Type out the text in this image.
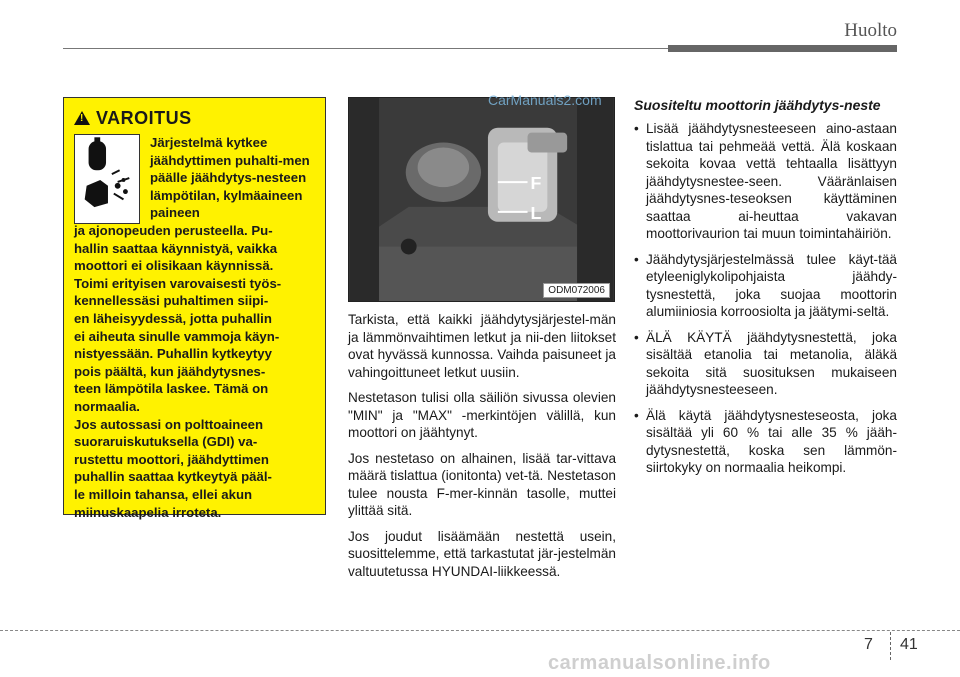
Huolto
!
VAROITUS
Järjestelmä kytkee jäähdyttimen puhalti-men päälle jäähdytys-nesteen lämpötilan, kylmäaineen paineen
ja ajonopeuden perusteella. Pu-
hallin saattaa käynnistyä, vaikka
moottori ei olisikaan käynnissä.
Toimi erityisen varovaisesti työs-
kennellessäsi puhaltimen siipi-
en läheisyydessä, jotta puhallin
ei aiheuta sinulle vammoja käyn-
nistyessään. Puhallin kytkeytyy
pois päältä, kun jäähdytysnes-
teen lämpötila laskee. Tämä on
normaalia.
Jos autossasi on polttoaineen
suoraruiskutuksella (GDI) va-
rustettu moottori, jäähdyttimen
puhallin saattaa kytkeytyä pääl-
le milloin tahansa, ellei akun
miinuskaapelia irroteta.
F
L
ODM072006
CarManuals2.com

Tarkista, että kaikki jäähdytysjärjestel-män ja lämmönvaihtimen letkut ja nii-den liitokset ovat hyvässä kunnossa. Vaihda paisuneet ja vahingoittuneet letkut uusiin.

Nestetason tulisi olla säiliön sivussa olevien "MIN" ja "MAX" -merkintöjen välillä, kun moottori on jäähtynyt.

Jos nestetaso on alhainen, lisää tar-vittava määrä tislattua (ionitonta) vet-tä. Nestetason tulee nousta F-mer-kinnän tasolle, muttei ylittää sitä.

Jos joudut lisäämään nestettä usein, suosittelemme, että tarkastutat jär-jestelmän valtuutetussa HYUNDAI-liikkeessä.

Suositeltu moottorin jäähdytys-neste
• Lisää jäähdytysnesteeseen aino-astaan tislattua tai pehmeää vettä. Älä koskaan sekoita kovaa vettä tehtaalla lisättyyn jäähdytysnestee-seen. Vääränlaisen jäähdytysnes-teseoksen käyttäminen saattaa ai-heuttaa vakavan moottorivaurion tai muun toimintahäiriön.
• Jäähdytysjärjestelmässä tulee käyt-tää etyleeniglykolipohjaista jäähdy-tysnestettä, joka suojaa moottorin alumiiniosia korroosiolta ja jäätymi-seltä.
• ÄLÄ KÄYTÄ jäähdytysnestettä, joka sisältää etanolia tai metanolia, äläkä sekoita sitä suosituksen mukaiseen jäähdytysnesteeseen.
• Älä käytä jäähdytysnesteseosta, joka sisältää yli 60 % tai alle 35 % jääh-dytysnestettä, koska sen lämmön-siirtokyky on normaalia heikompi.
7 41
carmanualsonline.info
